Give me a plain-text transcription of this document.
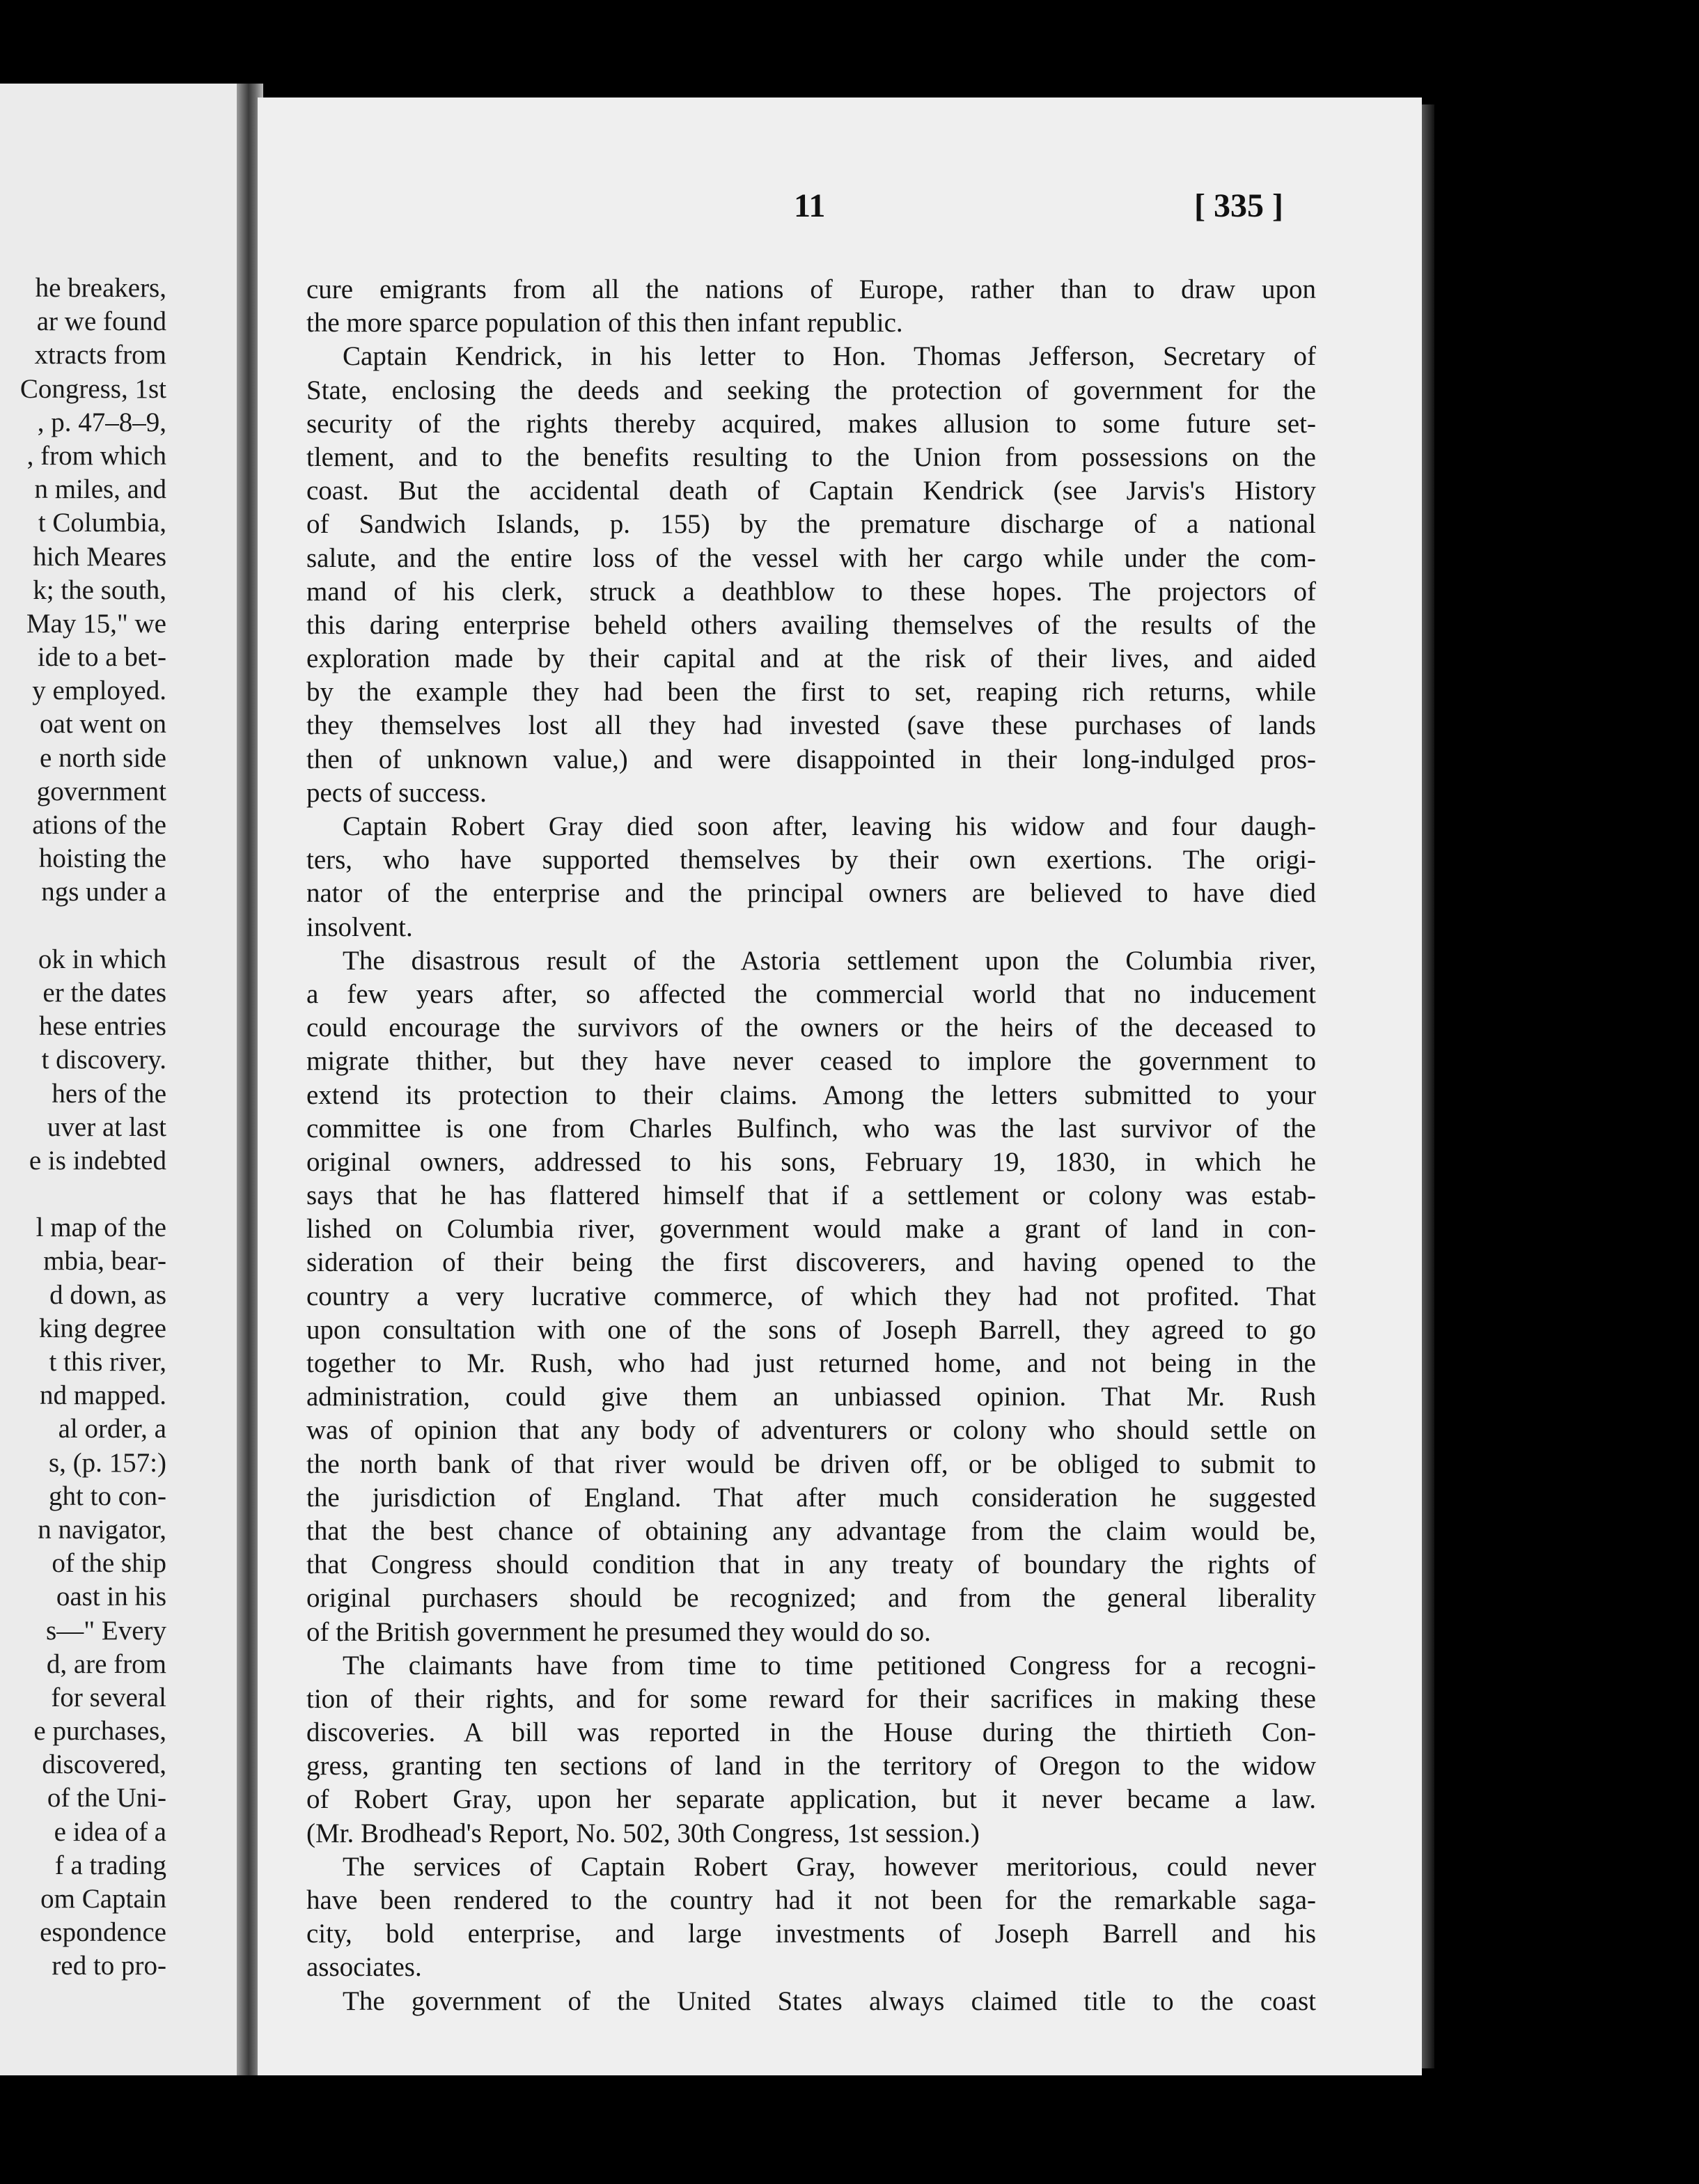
he breakers,
ar we found
xtracts from
Congress, 1st
, p. 47–8–9,
, from which
n miles, and
t Columbia,
hich Meares
k; the south,
May 15," we
ide to a bet-
y employed.
oat went on
e north side
government
ations of the
hoisting the
ngs under a
ok in which
er the dates
hese entries
t discovery.
hers of the
uver at last
e is indebted
l map of the
mbia, bear-
d down, as
king degree
t this river,
nd mapped.
al order, a
s, (p. 157:)
ght to con-
n navigator,
of the ship
oast in his
s—" Every
d, are from
for several
e purchases,
discovered,
of the Uni-
e idea of a
f a trading
om Captain
espondence
red to pro-
11	[ 335 ]
cure emigrants from all the nations of Europe, rather than to draw upon
the more sparce population of this then infant republic.
Captain Kendrick, in his letter to Hon. Thomas Jefferson, Secretary of
State, enclosing the deeds and seeking the protection of government for the
security of the rights thereby acquired, makes allusion to some future set-
tlement, and to the benefits resulting to the Union from possessions on the
coast. But the accidental death of Captain Kendrick (see Jarvis's History
of Sandwich Islands, p. 155) by the premature discharge of a national
salute, and the entire loss of the vessel with her cargo while under the com-
mand of his clerk, struck a deathblow to these hopes. The projectors of
this daring enterprise beheld others availing themselves of the results of the
exploration made by their capital and at the risk of their lives, and aided
by the example they had been the first to set, reaping rich returns, while
they themselves lost all they had invested (save these purchases of lands
then of unknown value,) and were disappointed in their long-indulged pros-
pects of success.
Captain Robert Gray died soon after, leaving his widow and four daugh-
ters, who have supported themselves by their own exertions. The origi-
nator of the enterprise and the principal owners are believed to have died
insolvent.
The disastrous result of the Astoria settlement upon the Columbia river,
a few years after, so affected the commercial world that no inducement
could encourage the survivors of the owners or the heirs of the deceased to
migrate thither, but they have never ceased to implore the government to
extend its protection to their claims. Among the letters submitted to your
committee is one from Charles Bulfinch, who was the last survivor of the
original owners, addressed to his sons, February 19, 1830, in which he
says that he has flattered himself that if a settlement or colony was estab-
lished on Columbia river, government would make a grant of land in con-
sideration of their being the first discoverers, and having opened to the
country a very lucrative commerce, of which they had not profited. That
upon consultation with one of the sons of Joseph Barrell, they agreed to go
together to Mr. Rush, who had just returned home, and not being in the
administration, could give them an unbiassed opinion. That Mr. Rush
was of opinion that any body of adventurers or colony who should settle on
the north bank of that river would be driven off, or be obliged to submit to
the jurisdiction of England. That after much consideration he suggested
that the best chance of obtaining any advantage from the claim would be,
that Congress should condition that in any treaty of boundary the rights of
original purchasers should be recognized; and from the general liberality
of the British government he presumed they would do so.
The claimants have from time to time petitioned Congress for a recogni-
tion of their rights, and for some reward for their sacrifices in making these
discoveries. A bill was reported in the House during the thirtieth Con-
gress, granting ten sections of land in the territory of Oregon to the widow
of Robert Gray, upon her separate application, but it never became a law.
(Mr. Brodhead's Report, No. 502, 30th Congress, 1st session.)
The services of Captain Robert Gray, however meritorious, could never
have been rendered to the country had it not been for the remarkable saga-
city, bold enterprise, and large investments of Joseph Barrell and his
associates.
The government of the United States always claimed title to the coast
